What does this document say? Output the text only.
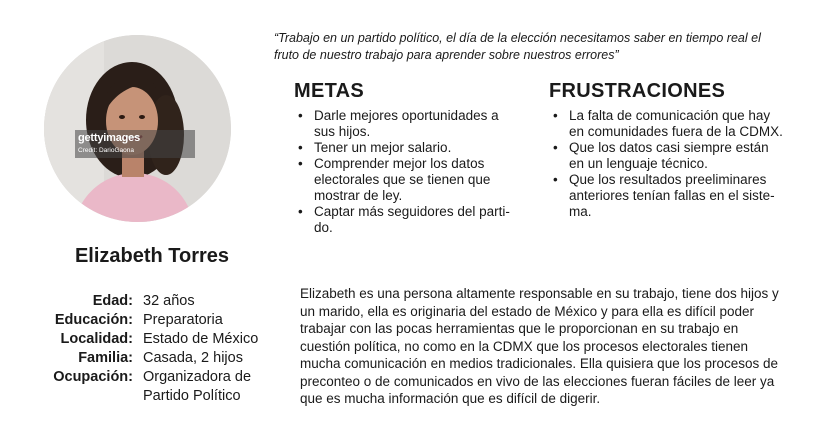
gettyimages
Credit: DarioGaona
Elizabeth Torres
Edad: 32 años
Educación: Preparatoria
Localidad: Estado de México
Familia: Casada, 2 hijos
Ocupación: Organizadora de Partido Político

“Trabajo en un partido político, el día de la elección necesitamos saber en tiempo real el fruto de nuestro trabajo para aprender sobre nuestros errores”

METAS
• Darle mejores oportunidades a sus hijos.
• Tener un mejor salario.
• Comprender mejor los datos electorales que se tienen que mostrar de ley.
• Captar más seguidores del parti-do.
FRUSTRACIONES
• La falta de comunicación que hay en comunidades fuera de la CDMX.
• Que los datos casi siempre están en un lenguaje técnico.
• Que los resultados preeliminares anteriores tenían fallas en el siste-ma.

Elizabeth es una persona altamente responsable en su trabajo, tiene dos hijos y un marido, ella es originaria del estado de México y para ella es difícil poder trabajar con las pocas herramientas que le proporcionan en su trabajo en cuestión política, no como en la CDMX que los procesos electorales tienen mucha comunicación en medios tradicionales. Ella quisiera que los procesos de preconteo o de comunicados en vivo de las elecciones fueran fáciles de leer ya que es mucha información que es difícil de digerir.
